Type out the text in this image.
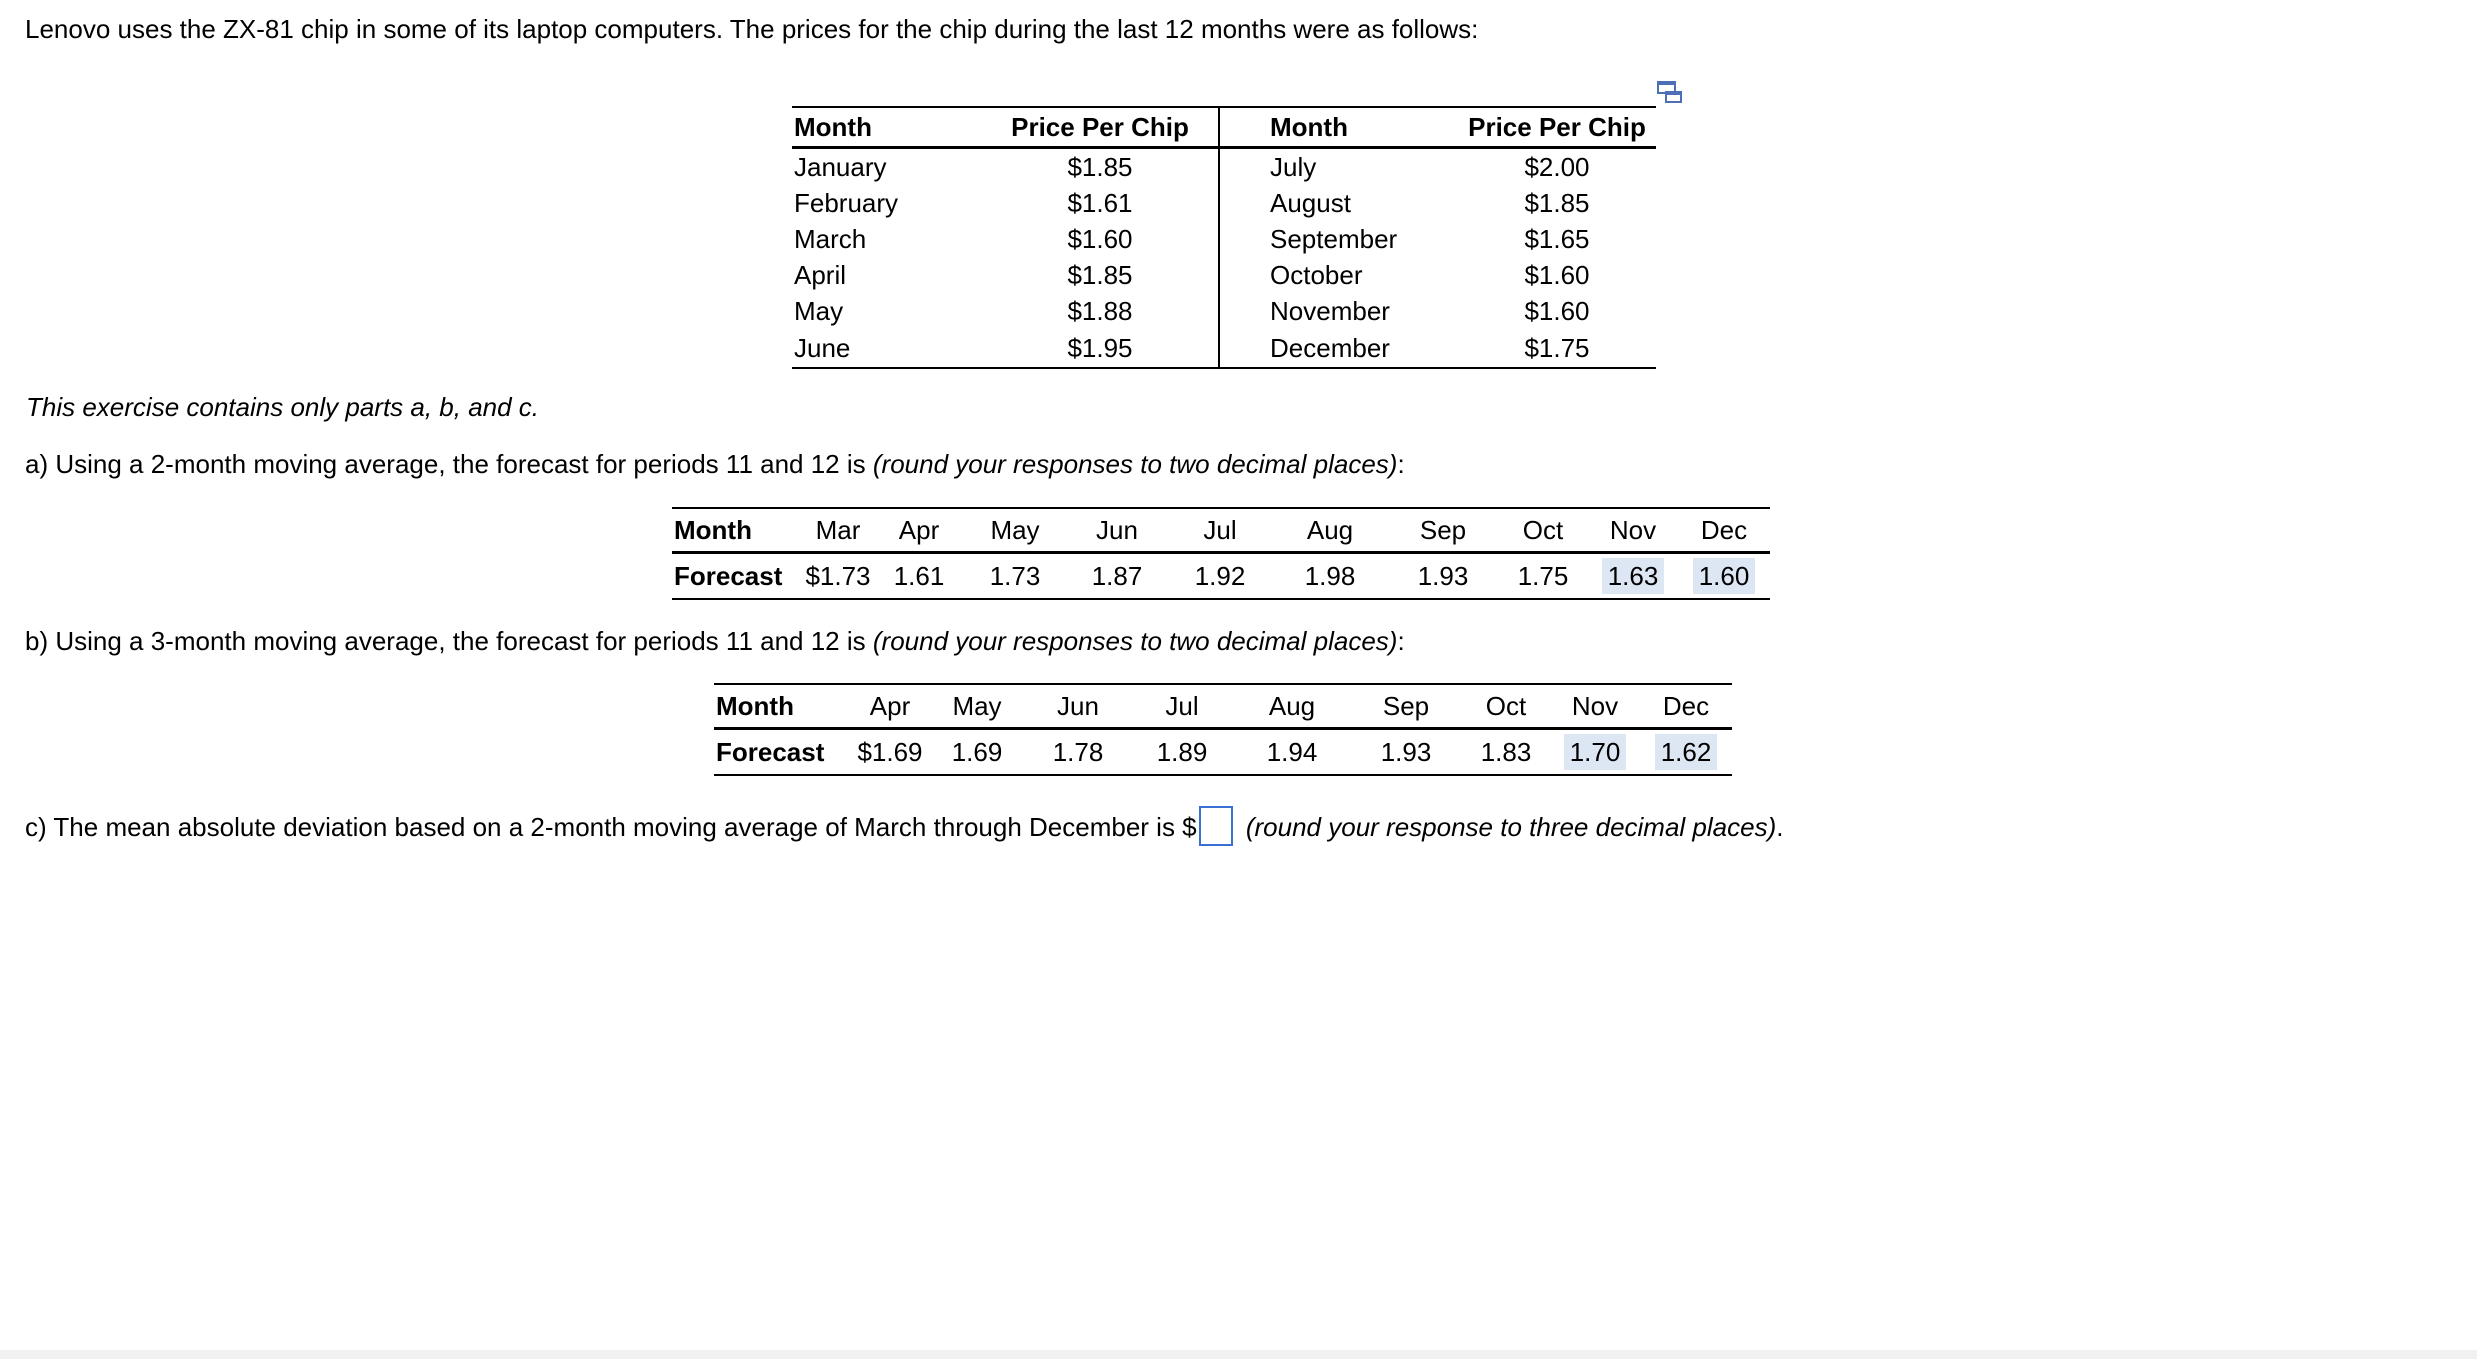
Lenovo uses the ZX-81 chip in some of its laptop computers. The prices for the chip during the last 12 months were as follows:
Month	Price Per Chip	Month	Price Per Chip
January	$1.85	July	$2.00
February	$1.61	August	$1.85
March	$1.60	September	$1.65
April	$1.85	October	$1.60
May	$1.88	November	$1.60
June	$1.95	December	$1.75
This exercise contains only parts a, b, and c.
a) Using a 2-month moving average, the forecast for periods 11 and 12 is (round your responses to two decimal places):
Month	Mar	Apr	May	Jun	Jul	Aug	Sep	Oct	Nov	Dec
Forecast	$1.73	1.61	1.73	1.87	1.92	1.98	1.93	1.75	1.63	1.60
b) Using a 3-month moving average, the forecast for periods 11 and 12 is (round your responses to two decimal places):
Month	Apr	May	Jun	Jul	Aug	Sep	Oct	Nov	Dec
Forecast	$1.69	1.69	1.78	1.89	1.94	1.93	1.83	1.70	1.62
c) The mean absolute deviation based on a 2-month moving average of March through December is $ (round your response to three decimal places).
